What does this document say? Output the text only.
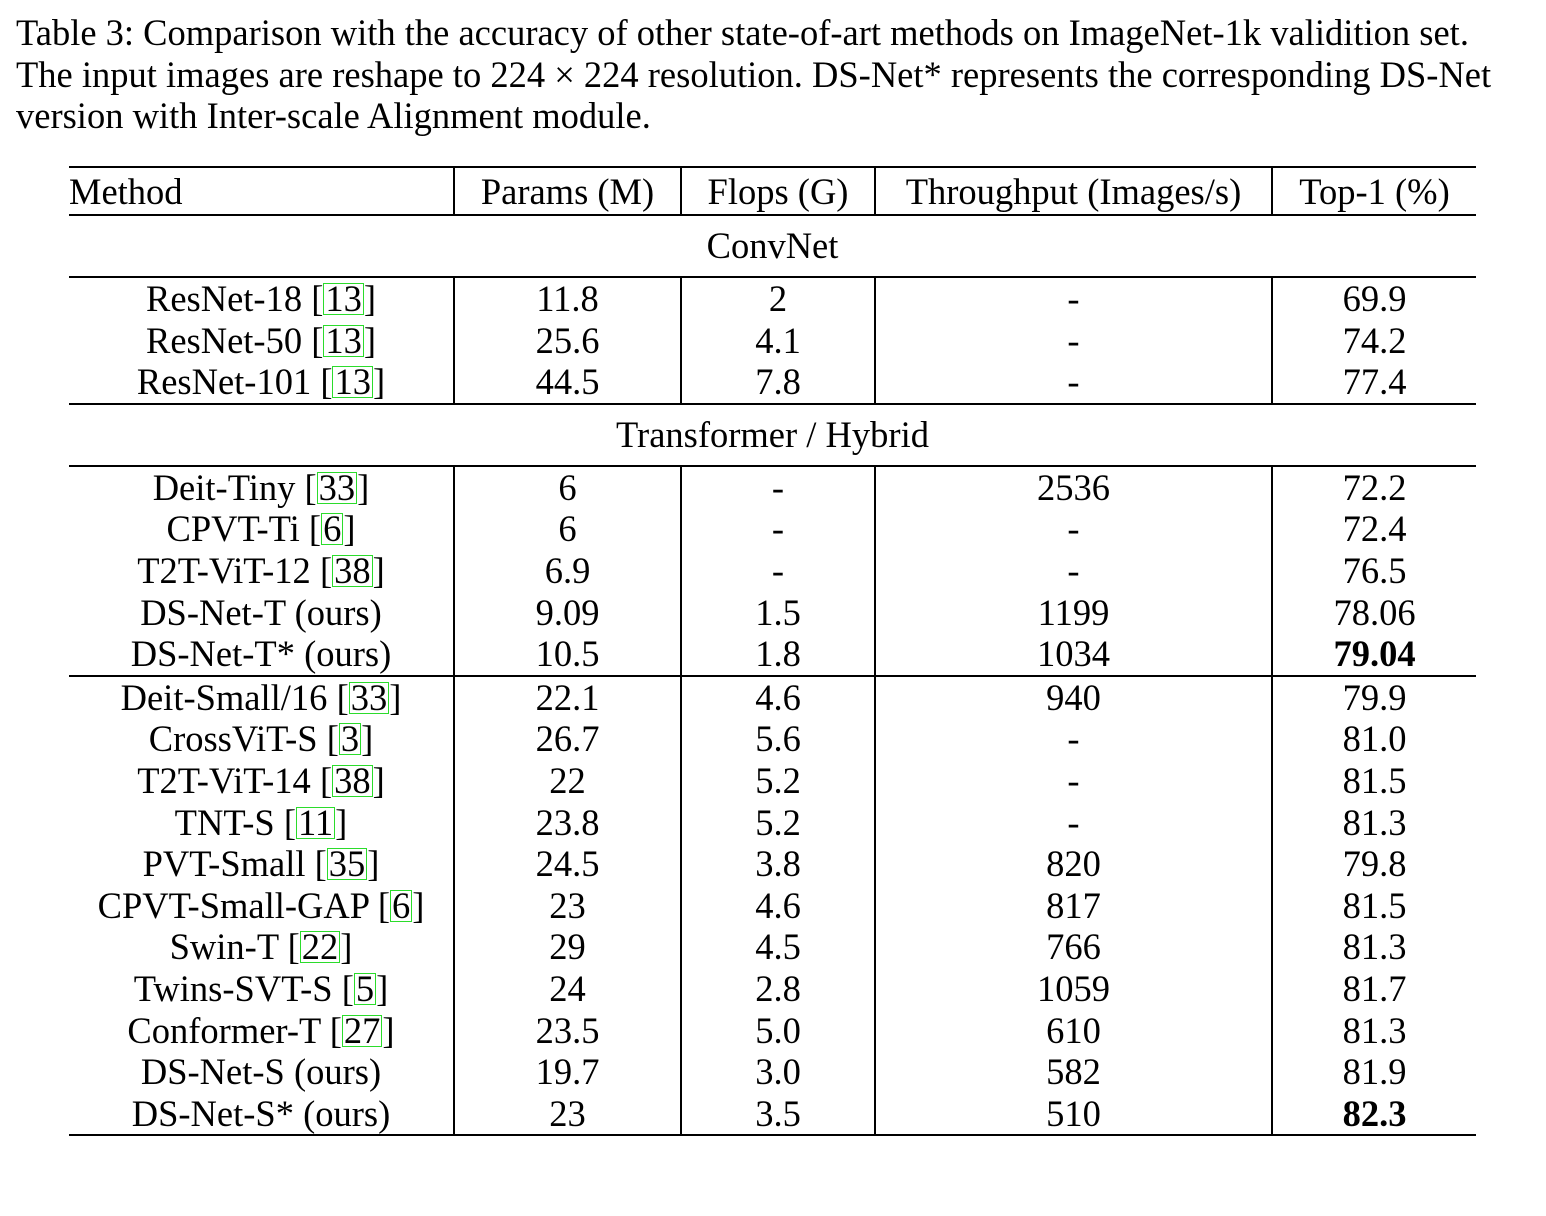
Table 3: Comparison with the accuracy of other state-of-art methods on ImageNet-1k validition set.
The input images are reshape to 224 × 224 resolution. DS-Net* represents the corresponding DS-Net
version with Inter-scale Alignment module.
Method	Params (M)	Flops (G)	Throughput (Images/s)	Top-1 (%)
ConvNet				
ResNet-18 [13]	11.8	2	-	69.9
ResNet-50 [13]	25.6	4.1	-	74.2
ResNet-101 [13]	44.5	7.8	-	77.4
Transformer / Hybrid				
Deit-Tiny [33]	6	-	2536	72.2
CPVT-Ti [6]	6	-	-	72.4
T2T-ViT-12 [38]	6.9	-	-	76.5
DS-Net-T (ours)	9.09	1.5	1199	78.06
DS-Net-T* (ours)	10.5	1.8	1034	79.04
Deit-Small/16 [33]	22.1	4.6	940	79.9
CrossViT-S [3]	26.7	5.6	-	81.0
T2T-ViT-14 [38]	22	5.2	-	81.5
TNT-S [11]	23.8	5.2	-	81.3
PVT-Small [35]	24.5	3.8	820	79.8
CPVT-Small-GAP [6]	23	4.6	817	81.5
Swin-T [22]	29	4.5	766	81.3
Twins-SVT-S [5]	24	2.8	1059	81.7
Conformer-T [27]	23.5	5.0	610	81.3
DS-Net-S (ours)	19.7	3.0	582	81.9
DS-Net-S* (ours)	23	3.5	510	82.3
